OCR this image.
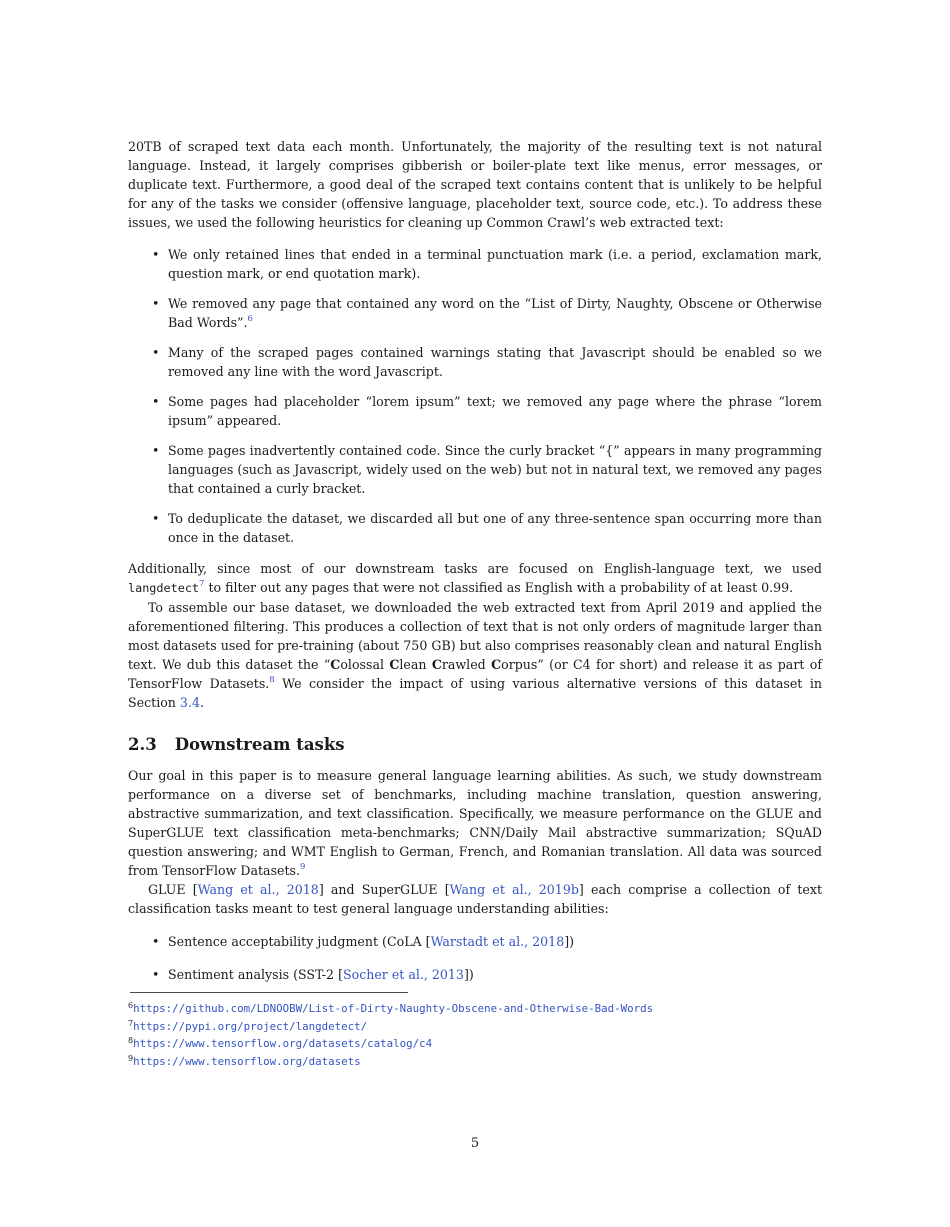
20TB of scraped text data each month. Unfortunately, the majority of the resulting text is not natural language. Instead, it largely comprises gibberish or boiler-plate text like menus, error messages, or duplicate text. Furthermore, a good deal of the scraped text contains content that is unlikely to be helpful for any of the tasks we consider (offensive language, placeholder text, source code, etc.). To address these issues, we used the following heuristics for cleaning up Common Crawl’s web extracted text:

• We only retained lines that ended in a terminal punctuation mark (i.e. a period, exclamation mark, question mark, or end quotation mark).
• We removed any page that contained any word on the “List of Dirty, Naughty, Obscene or Otherwise Bad Words”.$^6$
• Many of the scraped pages contained warnings stating that Javascript should be enabled so we removed any line with the word Javascript.
• Some pages had placeholder “lorem ipsum” text; we removed any page where the phrase “lorem ipsum” appeared.
• Some pages inadvertently contained code. Since the curly bracket “{” appears in many programming languages (such as Javascript, widely used on the web) but not in natural text, we removed any pages that contained a curly bracket.
• To deduplicate the dataset, we discarded all but one of any three-sentence span occurring more than once in the dataset.

Additionally, since most of our downstream tasks are focused on English-language text, we used langdetect$^7$ to filter out any pages that were not classified as English with a probability of at least 0.99.

To assemble our base dataset, we downloaded the web extracted text from April 2019 and applied the aforementioned filtering. This produces a collection of text that is not only orders of magnitude larger than most datasets used for pre-training (about 750 GB) but also comprises reasonably clean and natural English text. We dub this dataset the “Colossal Clean Crawled Corpus” (or C4 for short) and release it as part of TensorFlow Datasets.$^8$ We consider the impact of using various alternative versions of this dataset in Section 3.4.

2.3 Downstream tasks

Our goal in this paper is to measure general language learning abilities. As such, we study downstream performance on a diverse set of benchmarks, including machine translation, question answering, abstractive summarization, and text classification. Specifically, we measure performance on the GLUE and SuperGLUE text classification meta-benchmarks; CNN/Daily Mail abstractive summarization; SQuAD question answering; and WMT English to German, French, and Romanian translation. All data was sourced from TensorFlow Datasets.$^9$

GLUE [Wang et al., 2018] and SuperGLUE [Wang et al., 2019b] each comprise a collection of text classification tasks meant to test general language understanding abilities:

• Sentence acceptability judgment (CoLA [Warstadt et al., 2018])
• Sentiment analysis (SST-2 [Socher et al., 2013])
$^6$https://github.com/LDNOOBW/List-of-Dirty-Naughty-Obscene-and-Otherwise-Bad-Words
$^7$https://pypi.org/project/langdetect/
$^8$https://www.tensorflow.org/datasets/catalog/c4
$^9$https://www.tensorflow.org/datasets
5
